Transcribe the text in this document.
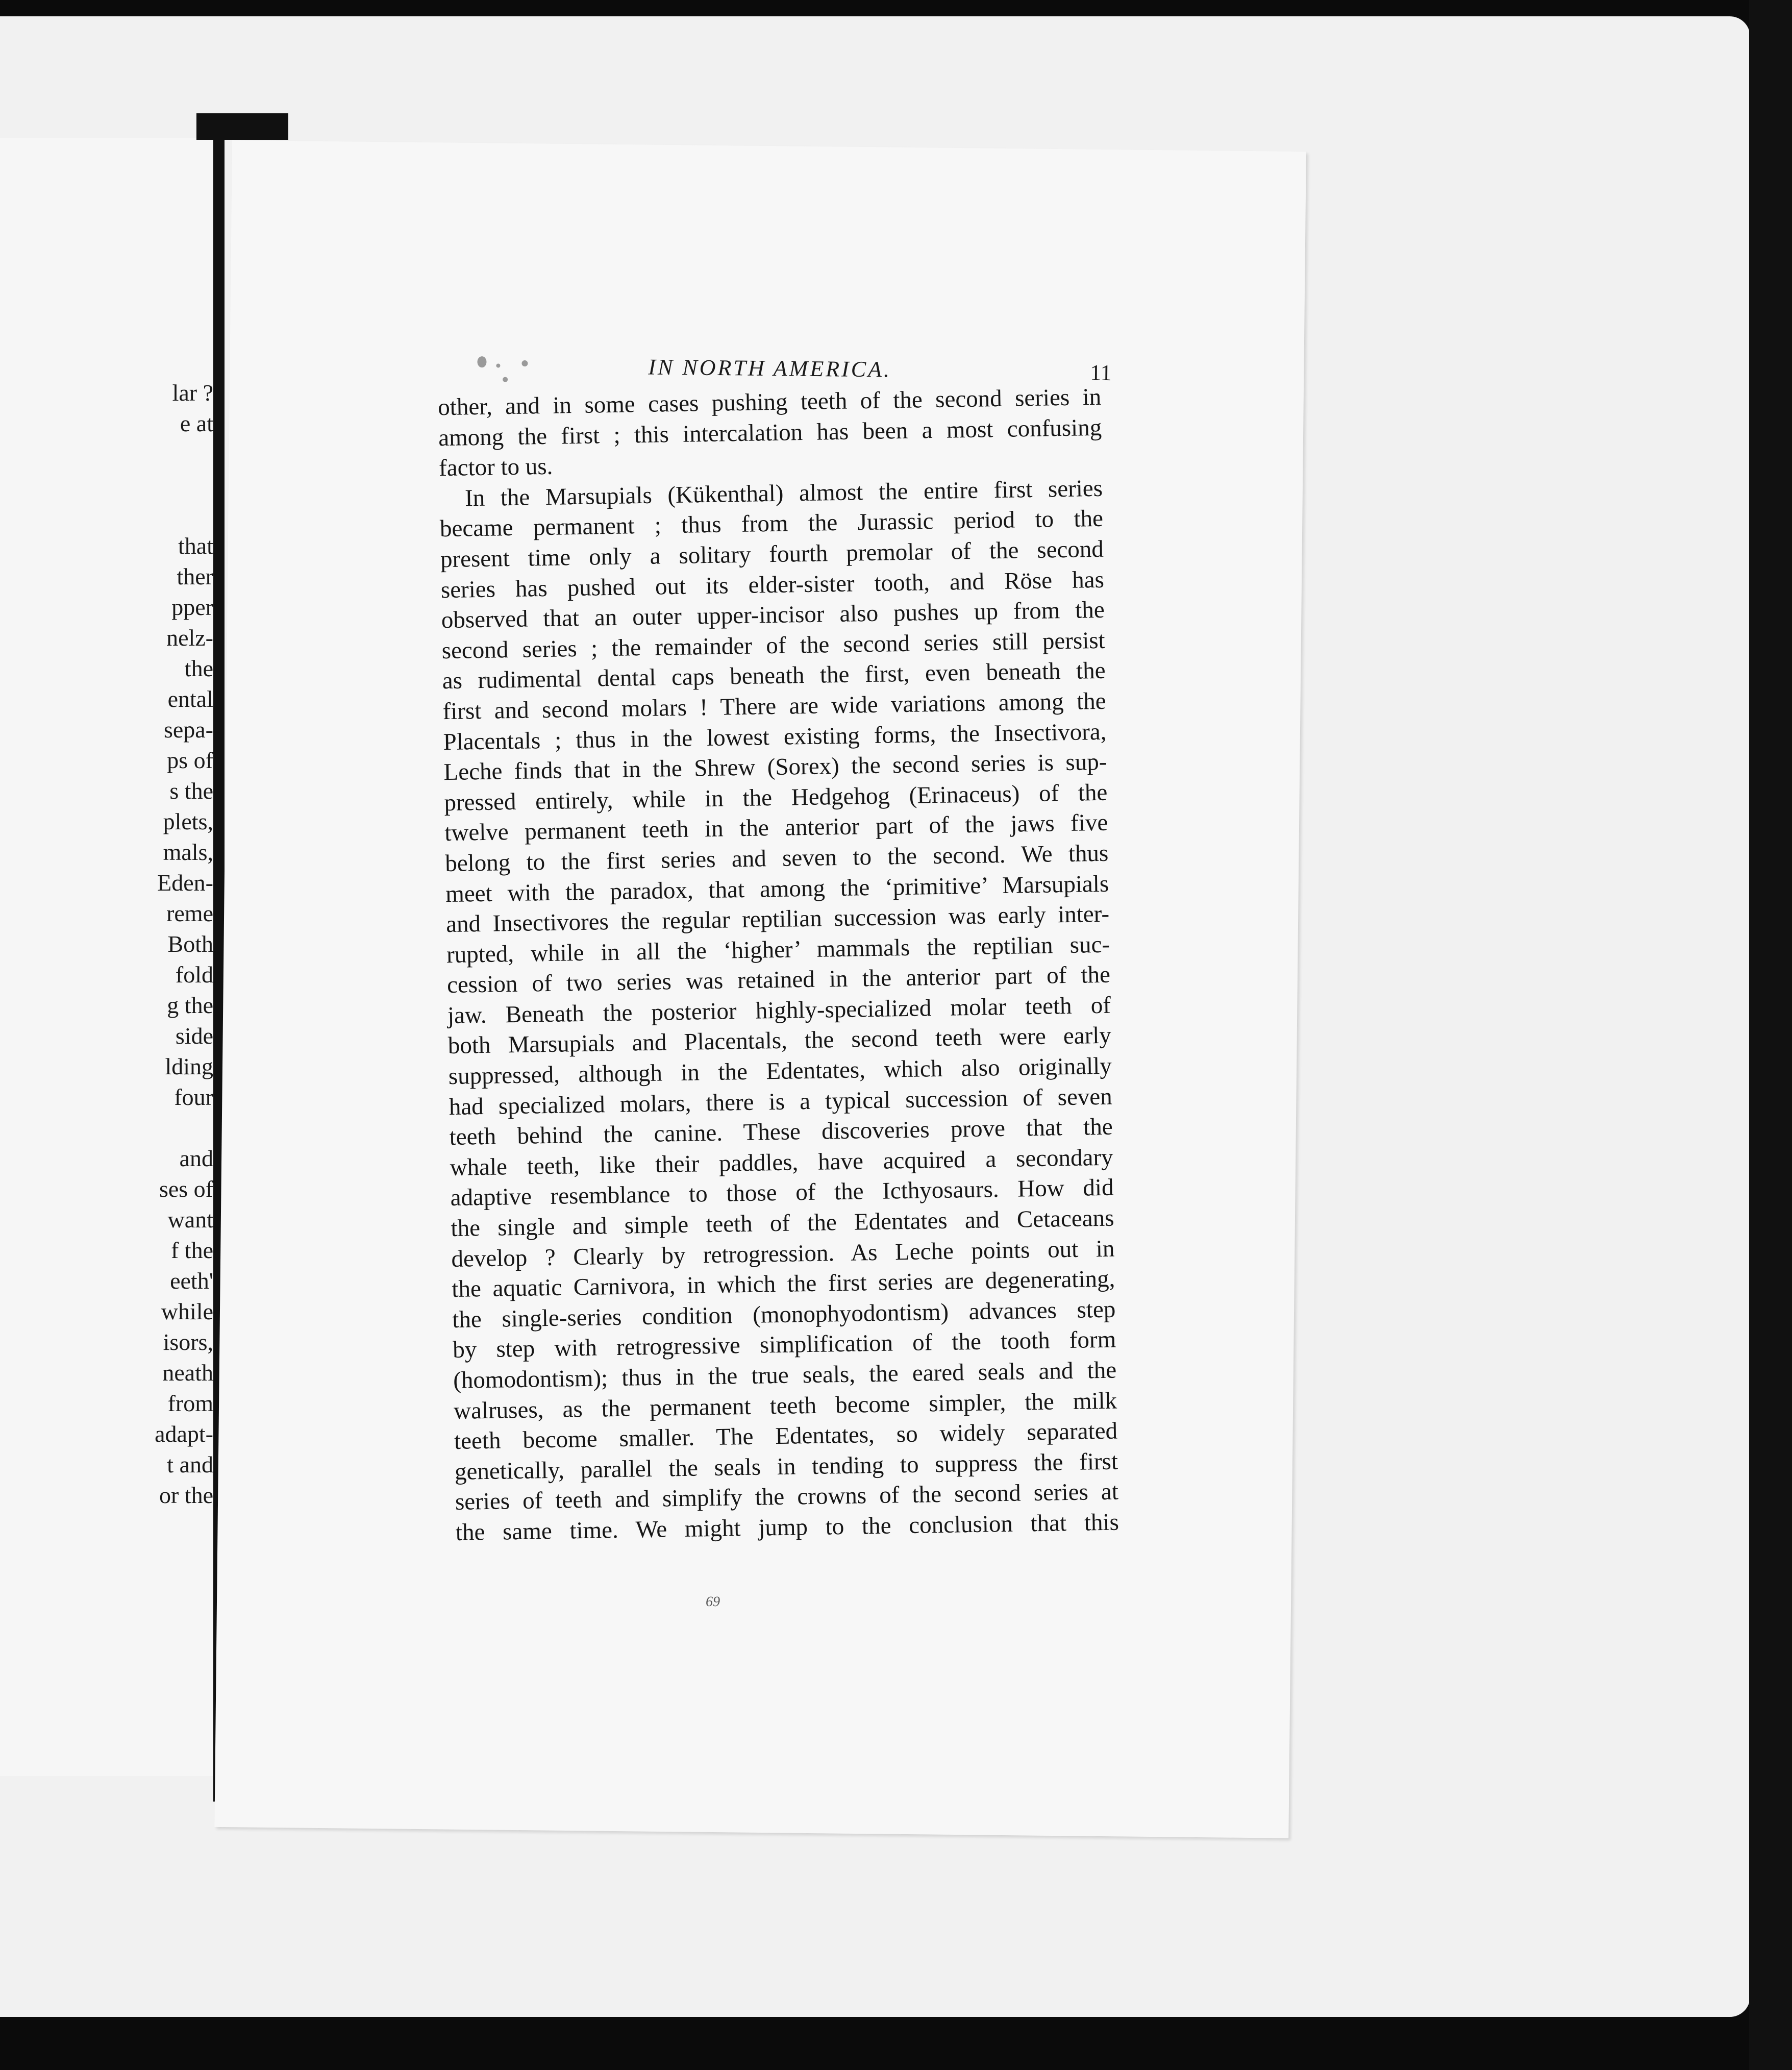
lar ?
e at
that
ther
pper
nelz-
the
ental
sepa-
ps of
s the
plets,
mals,
Eden-
reme
Both
fold
g the
side
lding
four
and
ses of
want
f the
eeth'
while
isors,
neath
from
adapt-
t and
or the
IN NORTH AMERICA.	11
other, and in some cases pushing teeth of the second series in
among the first ; this intercalation has been a most confusing
factor to us.
In the Marsupials (Kükenthal) almost the entire first series
became permanent ; thus from the Jurassic period to the
present time only a solitary fourth premolar of the second
series has pushed out its elder-sister tooth, and Röse has
observed that an outer upper-incisor also pushes up from the
second series ; the remainder of the second series still persist
as rudimental dental caps beneath the first, even beneath the
first and second molars ! There are wide variations among the
Placentals ; thus in the lowest existing forms, the Insectivora,
Leche finds that in the Shrew (Sorex) the second series is sup-
pressed entirely, while in the Hedgehog (Erinaceus) of the
twelve permanent teeth in the anterior part of the jaws five
belong to the first series and seven to the second. We thus
meet with the paradox, that among the ‘primitive’ Marsupials
and Insectivores the regular reptilian succession was early inter-
rupted, while in all the ‘higher’ mammals the reptilian suc-
cession of two series was retained in the anterior part of the
jaw. Beneath the posterior highly-specialized molar teeth of
both Marsupials and Placentals, the second teeth were early
suppressed, although in the Edentates, which also originally
had specialized molars, there is a typical succession of seven
teeth behind the canine. These discoveries prove that the
whale teeth, like their paddles, have acquired a secondary
adaptive resemblance to those of the Icthyosaurs. How did
the single and simple teeth of the Edentates and Cetaceans
develop ? Clearly by retrogression. As Leche points out in
the aquatic Carnivora, in which the first series are degenerating,
the single-series condition (monophyodontism) advances step
by step with retrogressive simplification of the tooth form
(homodontism); thus in the true seals, the eared seals and the
walruses, as the permanent teeth become simpler, the milk
teeth become smaller. The Edentates, so widely separated
genetically, parallel the seals in tending to suppress the first
series of teeth and simplify the crowns of the second series at
the same time. We might jump to the conclusion that this
69
